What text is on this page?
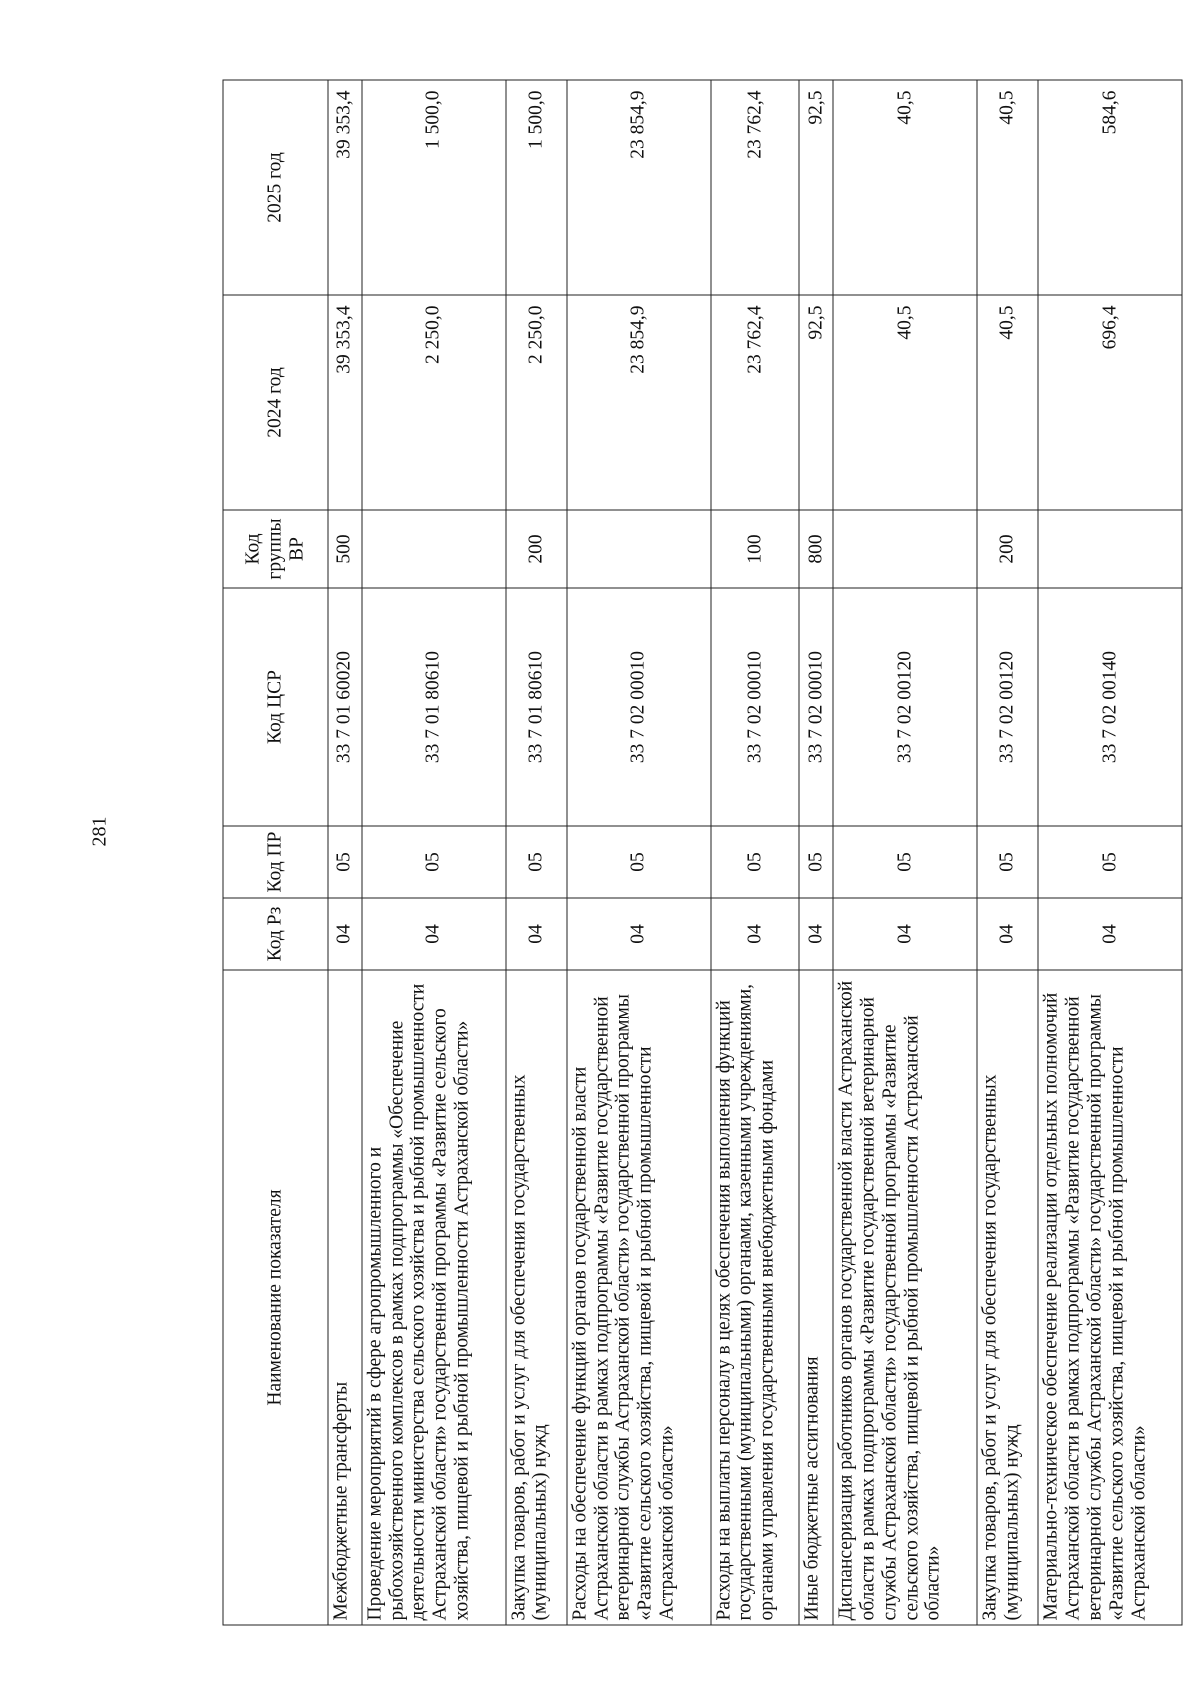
281
Наименование показателя	Код Рз	Код ПР	Код ЦСР	Код группы ВР	2024 год	2025 год
Межбюджетные трансферты	04	05	33 7 01 60020	500	39 353,4	39 353,4
Проведение мероприятий в сфере агропромышленного и рыбохозяйственного комплексов в рамках подпрограммы «Обеспечение деятельности министерства сельского хозяйства и рыбной промышленности Астраханской области» государственной программы «Развитие сельского хозяйства, пищевой и рыбной промышленности Астраханской области»	04	05	33 7 01 80610		2 250,0	1 500,0
Закупка товаров, работ и услуг для обеспечения государственных (муниципальных) нужд	04	05	33 7 01 80610	200	2 250,0	1 500,0
Расходы на обеспечение функций органов государственной власти Астраханской области в рамках подпрограммы «Развитие государственной ветеринарной службы Астраханской области» государственной программы «Развитие сельского хозяйства, пищевой и рыбной промышленности Астраханской области»	04	05	33 7 02 00010		23 854,9	23 854,9
Расходы на выплаты персоналу в целях обеспечения выполнения функций государственными (муниципальными) органами, казенными учреждениями, органами управления государственными внебюджетными фондами	04	05	33 7 02 00010	100	23 762,4	23 762,4
Иные бюджетные ассигнования	04	05	33 7 02 00010	800	92,5	92,5
Диспансеризация работников органов государственной власти Астраханской области в рамках подпрограммы «Развитие государственной ветеринарной службы Астраханской области» государственной программы «Развитие сельского хозяйства, пищевой и рыбной промышленности Астраханской области»	04	05	33 7 02 00120		40,5	40,5
Закупка товаров, работ и услуг для обеспечения государственных (муниципальных) нужд	04	05	33 7 02 00120	200	40,5	40,5
Материально-техническое обеспечение реализации отдельных полномочий Астраханской области в рамках подпрограммы «Развитие государственной ветеринарной службы Астраханской области» государственной программы «Развитие сельского хозяйства, пищевой и рыбной промышленности Астраханской области»	04	05	33 7 02 00140		696,4	584,6
